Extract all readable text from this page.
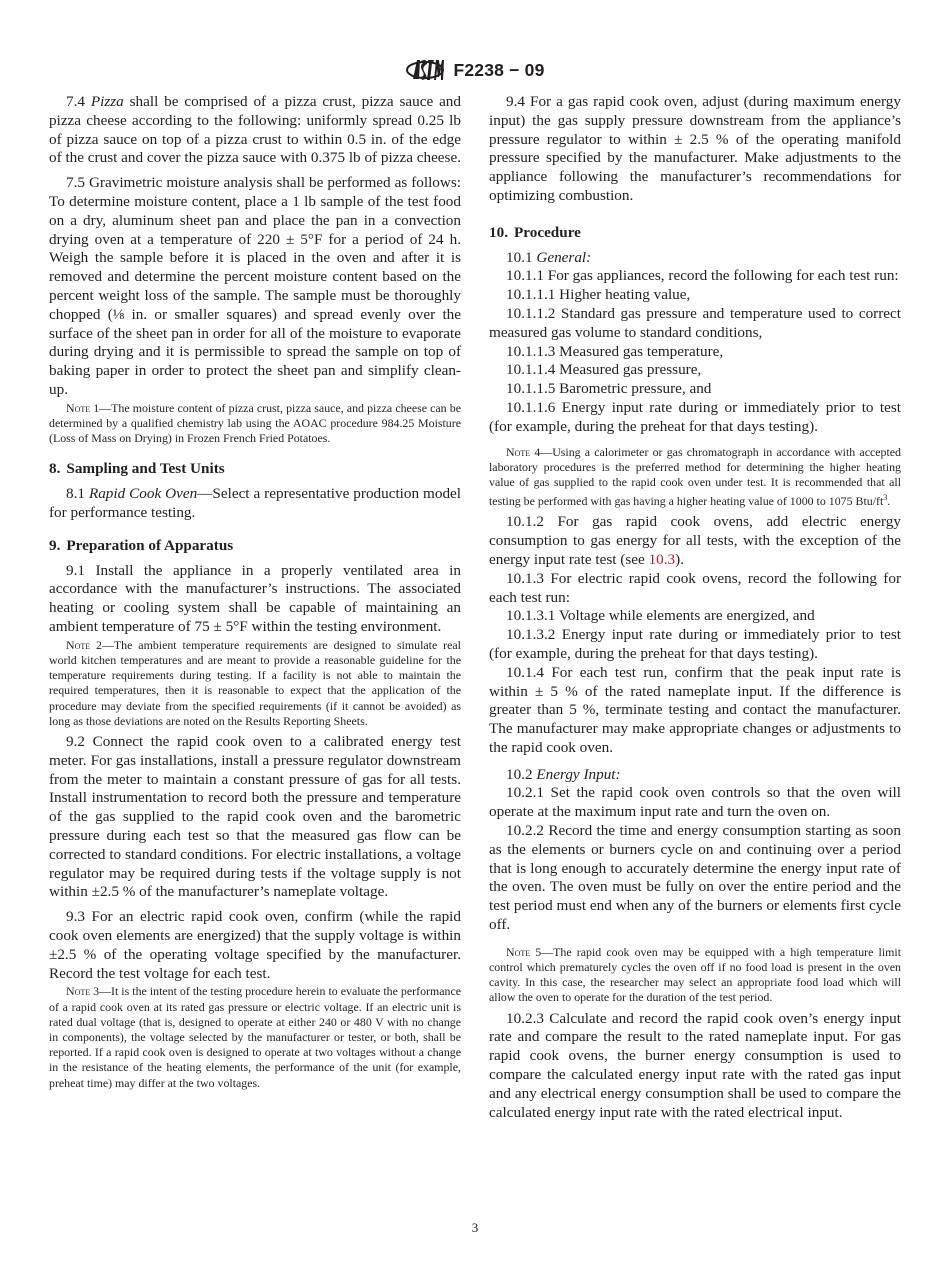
F2238 − 09

7.4 Pizza shall be comprised of a pizza crust, pizza sauce and pizza cheese according to the following: uniformly spread 0.25 lb of pizza sauce on top of a pizza crust to within 0.5 in. of the edge of the crust and cover the pizza sauce with 0.375 lb of pizza cheese.

7.5 Gravimetric moisture analysis shall be performed as follows: To determine moisture content, place a 1 lb sample of the test food on a dry, aluminum sheet pan and place the pan in a convection drying oven at a temperature of 220 ± 5°F for a period of 24 h. Weigh the sample before it is placed in the oven and after it is removed and determine the percent moisture content based on the percent weight loss of the sample. The sample must be thoroughly chopped (⅛ in. or smaller squares) and spread evenly over the surface of the sheet pan in order for all of the moisture to evaporate during drying and it is permissible to spread the sample on top of baking paper in order to protect the sheet pan and simplify clean-up.

Note 1—The moisture content of pizza crust, pizza sauce, and pizza cheese can be determined by a qualified chemistry lab using the AOAC procedure 984.25 Moisture (Loss of Mass on Drying) in Frozen French Fried Potatoes.
8. Sampling and Test Units

8.1 Rapid Cook Oven—Select a representative production model for performance testing.

9. Preparation of Apparatus

9.1 Install the appliance in a properly ventilated area in accordance with the manufacturer’s instructions. The associated heating or cooling system shall be capable of maintaining an ambient temperature of 75 ± 5°F within the testing environment.

Note 2—The ambient temperature requirements are designed to simulate real world kitchen temperatures and are meant to provide a reasonable guideline for the temperature requirements during testing. If a facility is not able to maintain the required temperatures, then it is reasonable to expect that the application of the procedure may deviate from the specified requirements (if it cannot be avoided) as long as those deviations are noted on the Results Reporting Sheets.

9.2 Connect the rapid cook oven to a calibrated energy test meter. For gas installations, install a pressure regulator downstream from the meter to maintain a constant pressure of gas for all tests. Install instrumentation to record both the pressure and temperature of the gas supplied to the rapid cook oven and the barometric pressure during each test so that the measured gas flow can be corrected to standard conditions. For electric installations, a voltage regulator may be required during tests if the voltage supply is not within ±2.5 % of the manufacturer’s nameplate voltage.

9.3 For an electric rapid cook oven, confirm (while the rapid cook oven elements are energized) that the supply voltage is within ±2.5 % of the operating voltage specified by the manufacturer. Record the test voltage for each test.

Note 3—It is the intent of the testing procedure herein to evaluate the performance of a rapid cook oven at its rated gas pressure or electric voltage. If an electric unit is rated dual voltage (that is, designed to operate at either 240 or 480 V with no change in components), the voltage selected by the manufacturer or tester, or both, shall be reported. If a rapid cook oven is designed to operate at two voltages without a change in the resistance of the heating elements, the performance of the unit (for example, preheat time) may differ at the two voltages.

9.4 For a gas rapid cook oven, adjust (during maximum energy input) the gas supply pressure downstream from the appliance’s pressure regulator to within ± 2.5 % of the operating manifold pressure specified by the manufacturer. Make adjustments to the appliance following the manufacturer’s recommendations for optimizing combustion.

10. Procedure

10.1 General:

10.1.1 For gas appliances, record the following for each test run:

10.1.1.1 Higher heating value,

10.1.1.2 Standard gas pressure and temperature used to correct measured gas volume to standard conditions,

10.1.1.3 Measured gas temperature,

10.1.1.4 Measured gas pressure,

10.1.1.5 Barometric pressure, and

10.1.1.6 Energy input rate during or immediately prior to test (for example, during the preheat for that days testing).

Note 4—Using a calorimeter or gas chromatograph in accordance with accepted laboratory procedures is the preferred method for determining the higher heating value of gas supplied to the rapid cook oven under test. It is recommended that all testing be performed with gas having a higher heating value of 1000 to 1075 Btu/$ft^3$.

10.1.2 For gas rapid cook ovens, add electric energy consumption to gas energy for all tests, with the exception of the energy input rate test (see 10.3).

10.1.3 For electric rapid cook ovens, record the following for each test run:

10.1.3.1 Voltage while elements are energized, and

10.1.3.2 Energy input rate during or immediately prior to test (for example, during the preheat for that days testing).

10.1.4 For each test run, confirm that the peak input rate is within ± 5 % of the rated nameplate input. If the difference is greater than 5 %, terminate testing and contact the manufacturer. The manufacturer may make appropriate changes or adjustments to the rapid cook oven.

10.2 Energy Input:

10.2.1 Set the rapid cook oven controls so that the oven will operate at the maximum input rate and turn the oven on.

10.2.2 Record the time and energy consumption starting as soon as the elements or burners cycle on and continuing over a period that is long enough to accurately determine the energy input rate of the oven. The oven must be fully on over the entire period and the test period must end when any of the burners or elements first cycle off.

Note 5—The rapid cook oven may be equipped with a high temperature limit control which prematurely cycles the oven off if no food load is present in the oven cavity. In this case, the researcher may select an appropriate food load which will allow the oven to operate for the duration of the test period.

10.2.3 Calculate and record the rapid cook oven’s energy input rate and compare the result to the rated nameplate input. For gas rapid cook ovens, the burner energy consumption is used to compare the calculated energy input rate with the rated gas input and any electrical energy consumption shall be used to compare the calculated energy input rate with the rated electrical input.

3
